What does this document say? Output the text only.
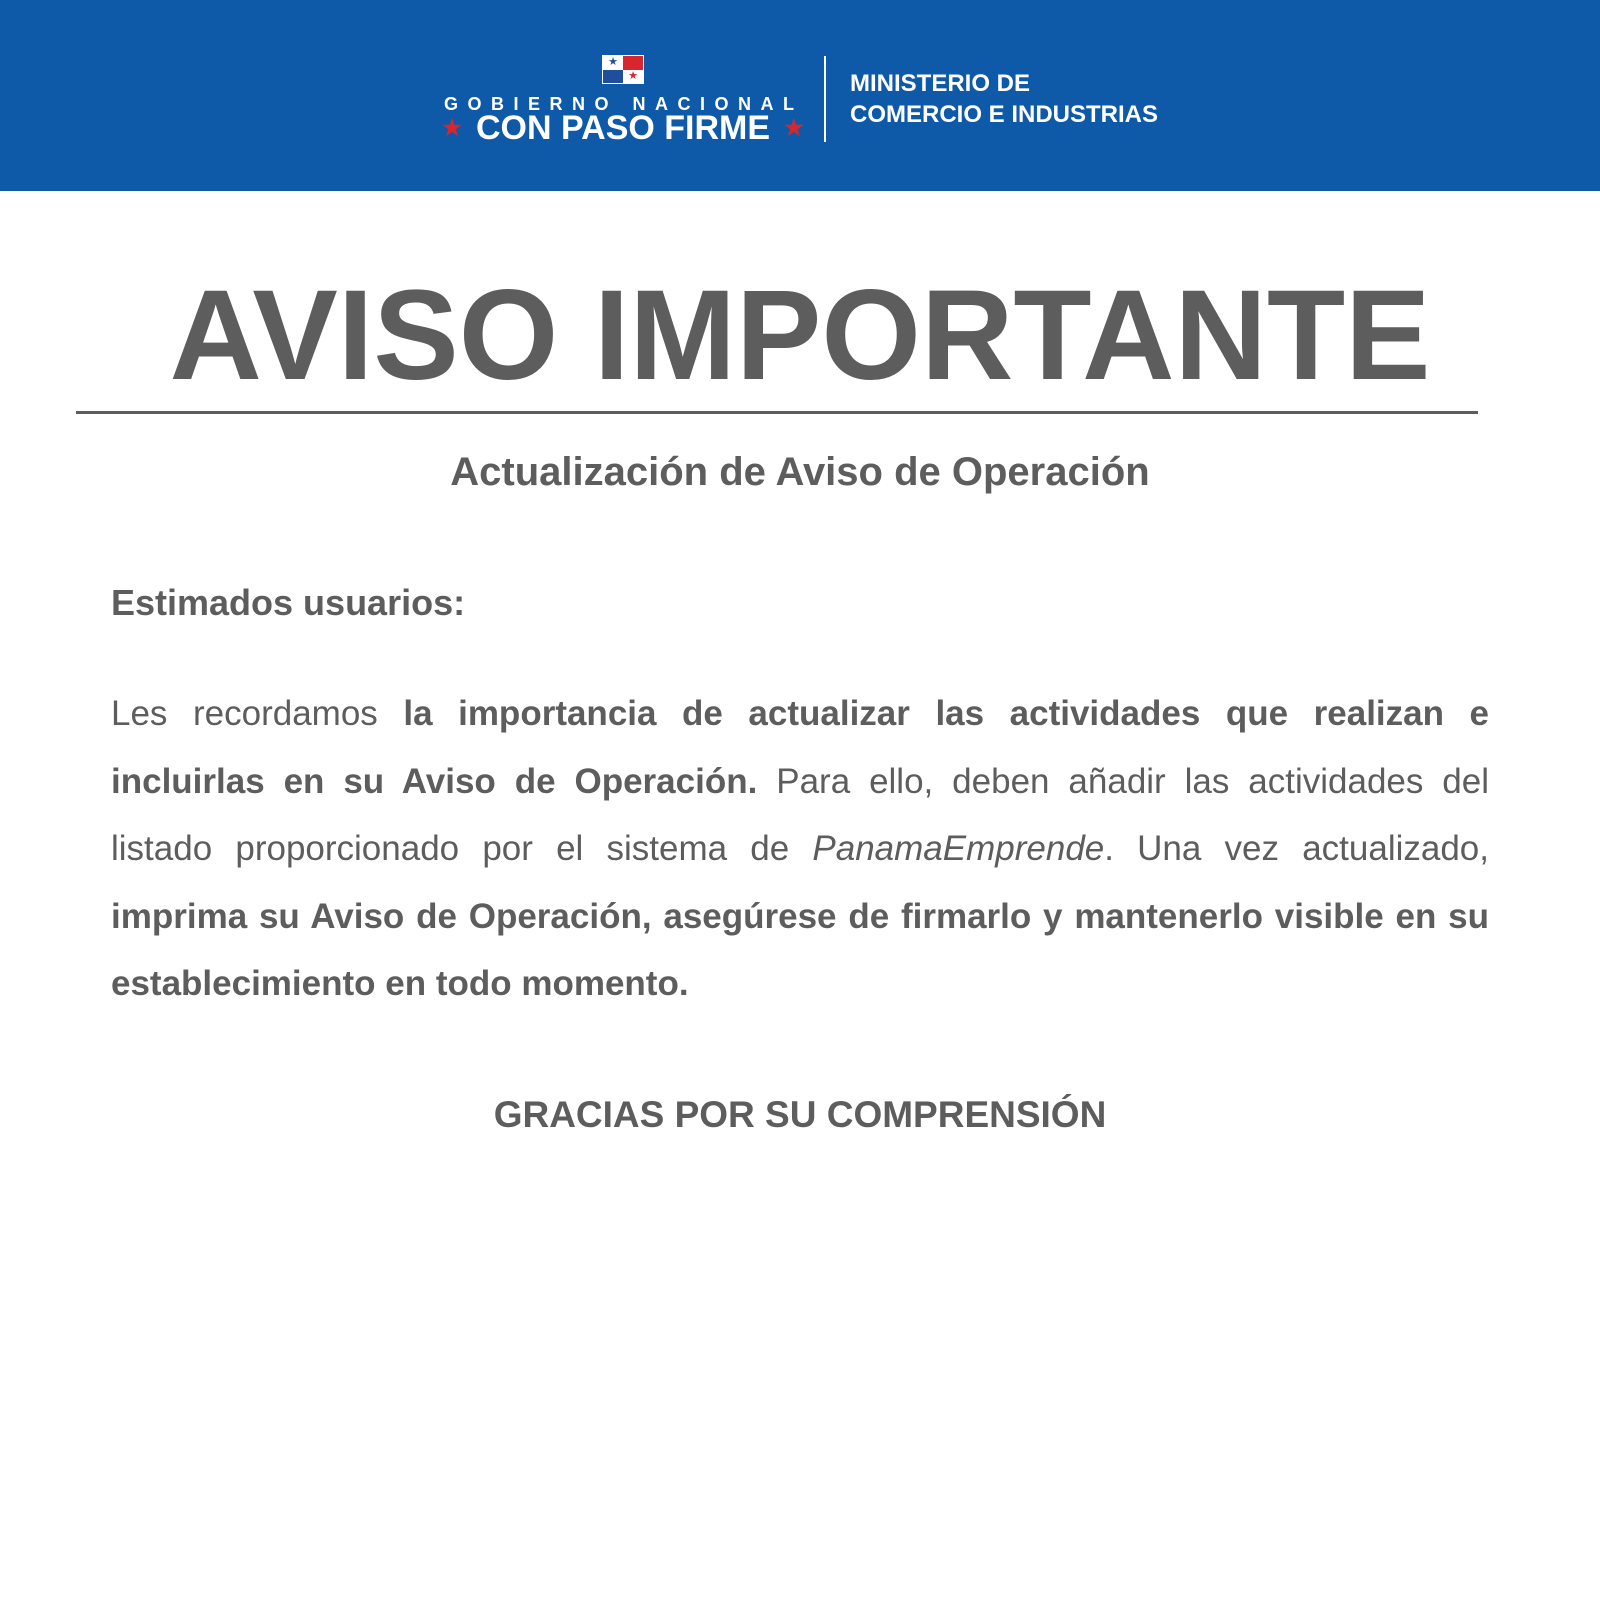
★
★
GOBIERNO NACIONAL
★ CON PASO FIRME ★
MINISTERIO DE
COMERCIO E INDUSTRIAS
AVISO IMPORTANTE
Actualización de Aviso de Operación
Estimados usuarios:
Les recordamos la importancia de actualizar las actividades que realizan e incluirlas en su Aviso de Operación. Para ello, deben añadir las actividades del listado proporcionado por el sistema de PanamaEmprende. Una vez actualizado, imprima su Aviso de Operación, asegúrese de firmarlo y mantenerlo visible en su establecimiento en todo momento.
GRACIAS POR SU COMPRENSIÓN
